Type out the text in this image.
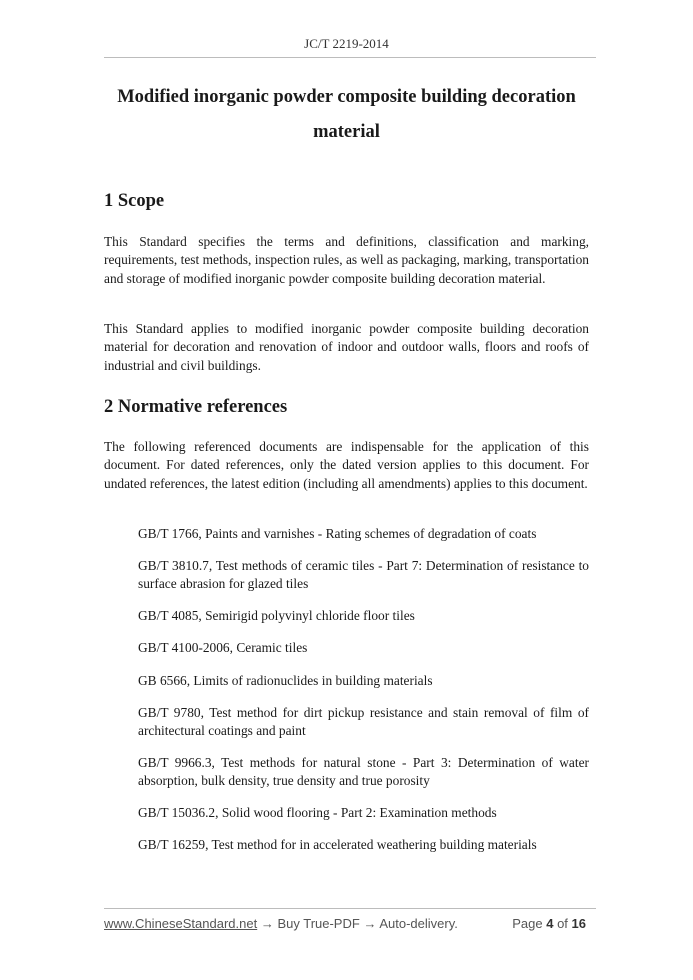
JC/T 2219-2014
Modified inorganic powder composite building decoration
material
1 Scope

This Standard specifies the terms and definitions, classification and marking, requirements, test methods, inspection rules, as well as packaging, marking, transportation and storage of modified inorganic powder composite building decoration material.

This Standard applies to modified inorganic powder composite building decoration material for decoration and renovation of indoor and outdoor walls, floors and roofs of industrial and civil buildings.

2 Normative references

The following referenced documents are indispensable for the application of this document. For dated references, only the dated version applies to this document. For undated references, the latest edition (including all amendments) applies to this document.

GB/T 1766, Paints and varnishes - Rating schemes of degradation of coats

GB/T 3810.7, Test methods of ceramic tiles - Part 7: Determination of resistance to surface abrasion for glazed tiles

GB/T 4085, Semirigid polyvinyl chloride floor tiles

GB/T 4100-2006, Ceramic tiles

GB 6566, Limits of radionuclides in building materials

GB/T 9780, Test method for dirt pickup resistance and stain removal of film of architectural coatings and paint

GB/T 9966.3, Test methods for natural stone - Part 3: Determination of water absorption, bulk density, true density and true porosity

GB/T 15036.2, Solid wood flooring - Part 2: Examination methods

GB/T 16259, Test method for in accelerated weathering building materials

www.ChineseStandard.net → Buy True-PDF → Auto-delivery.	Page 4 of 16
